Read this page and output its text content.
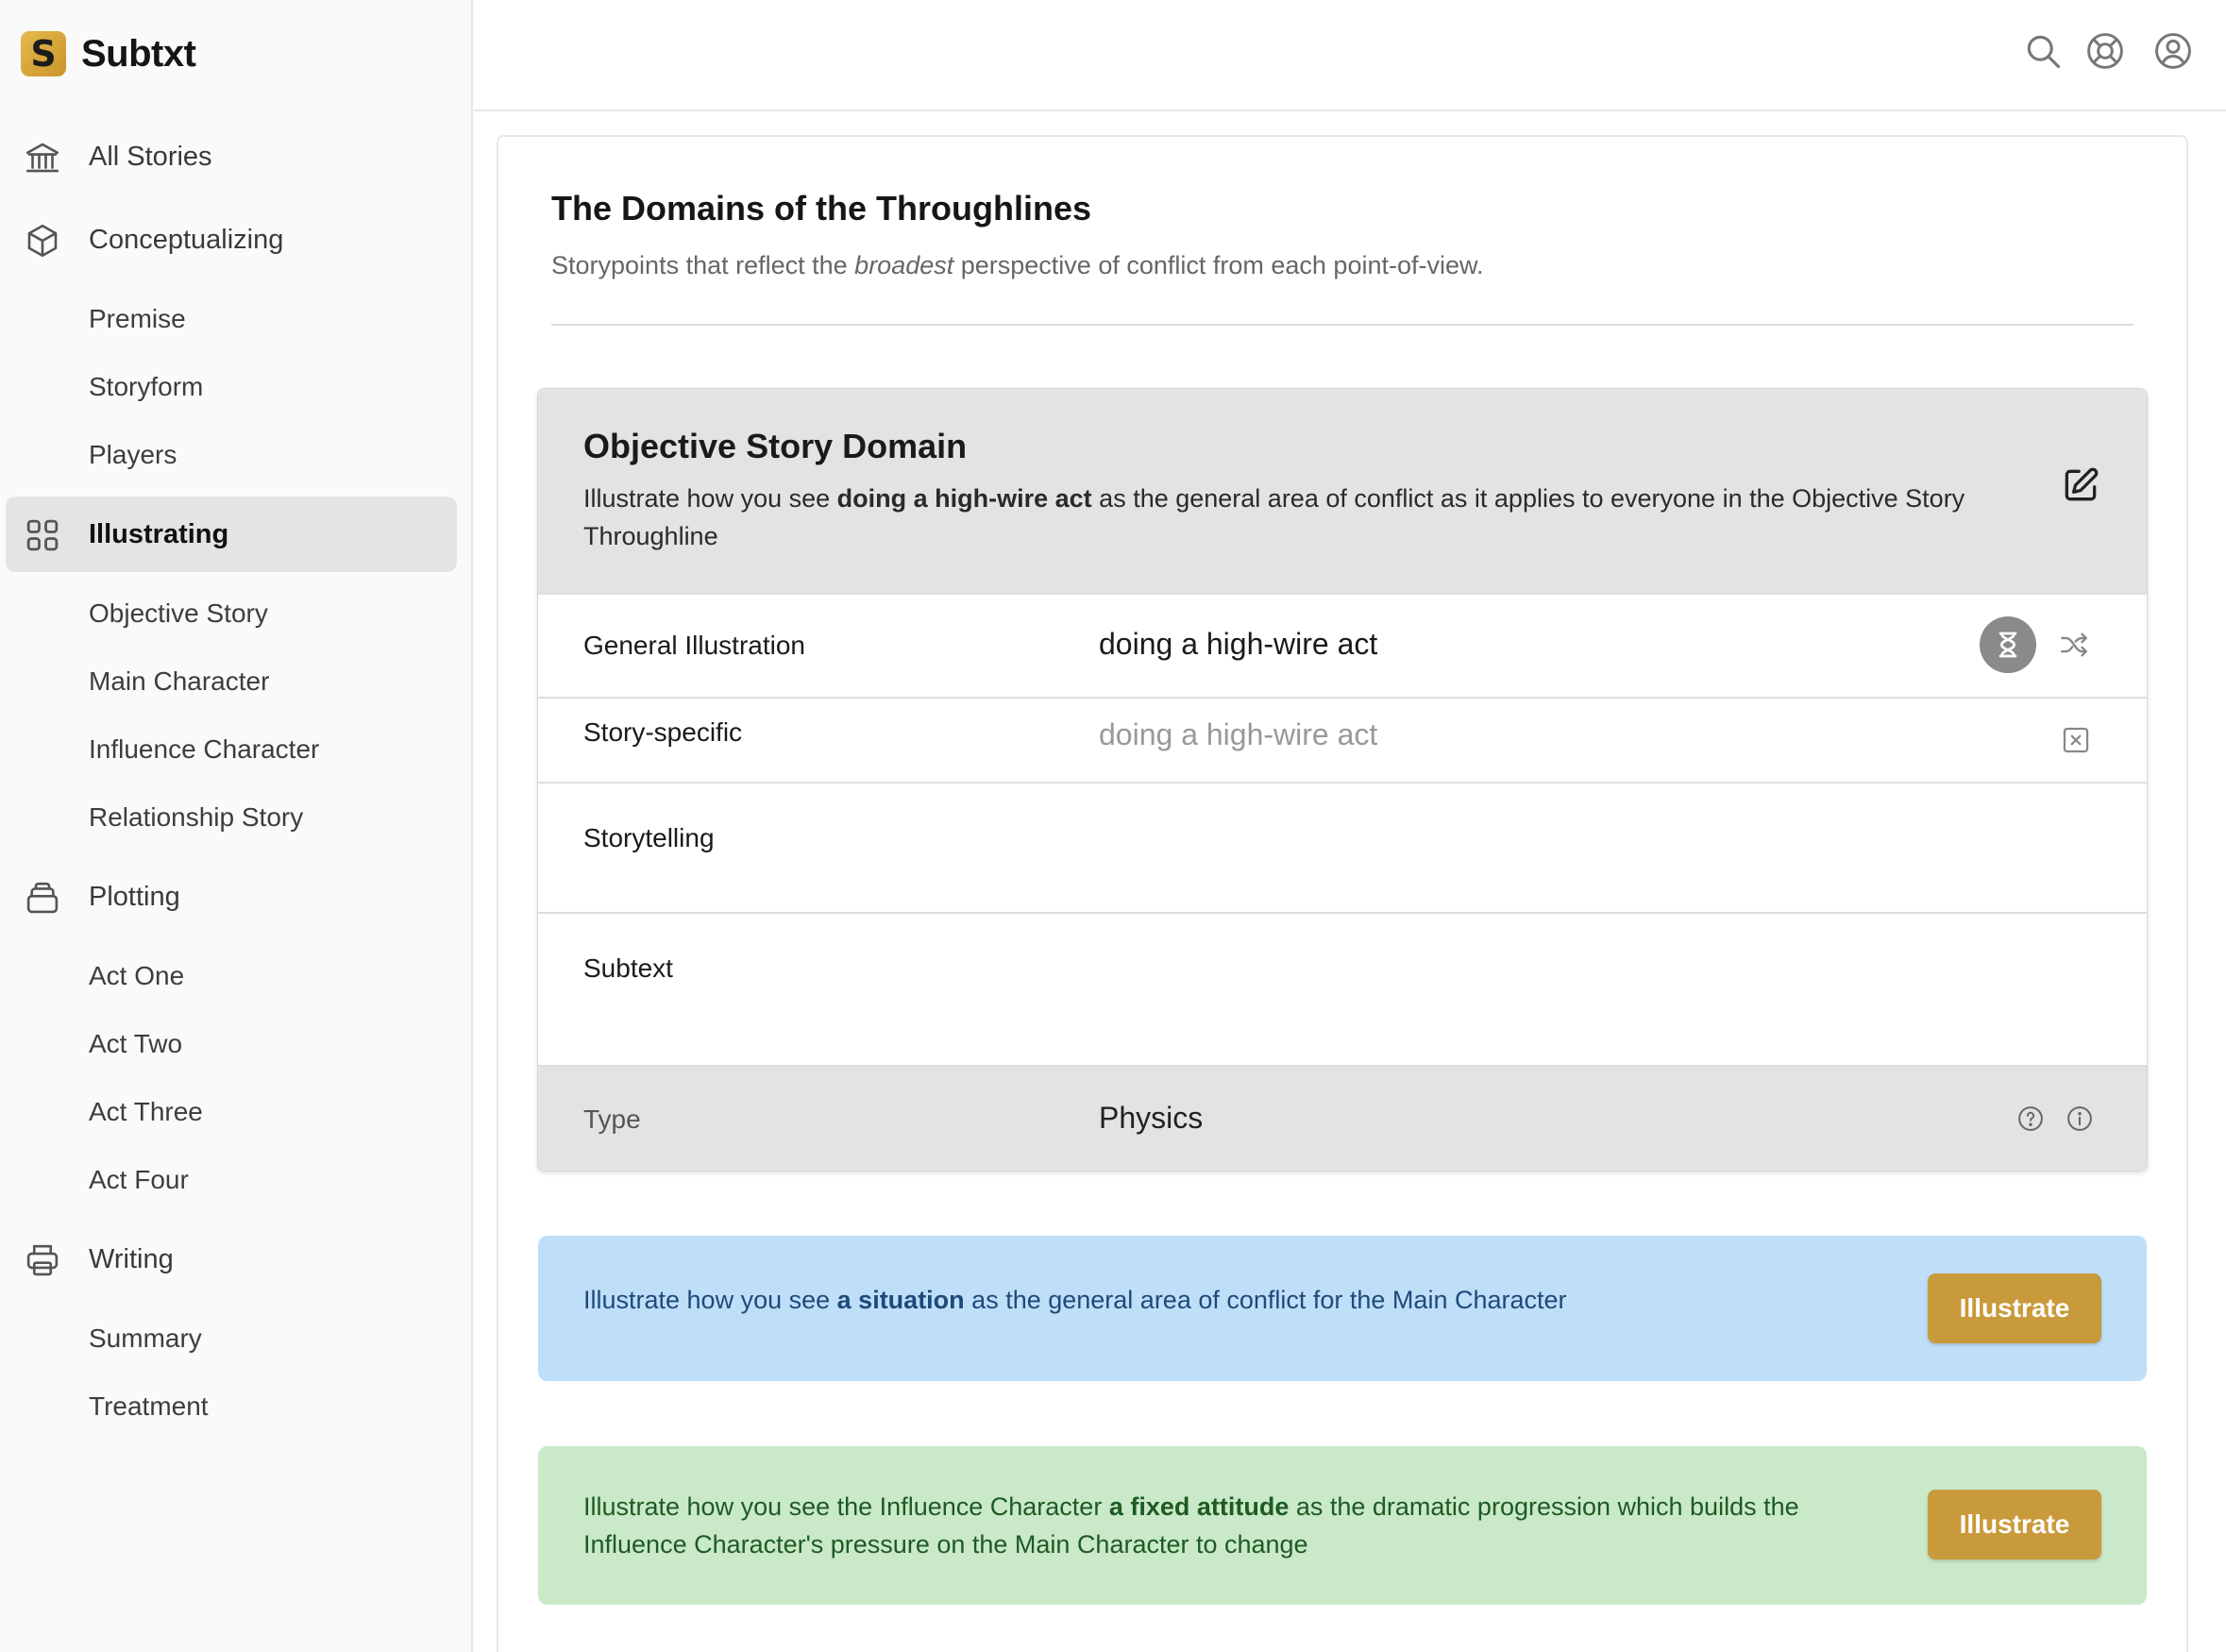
S Subtxt
All Stories
Conceptualizing
Premise
Storyform
Players
Illustrating
Objective Story
Main Character
Influence Character
Relationship Story
Plotting
Act One
Act Two
Act Three
Act Four
Writing
Summary
Treatment
The Domains of the Throughlines

Storypoints that reflect the broadest perspective of conflict from each point-of-view.

Objective Story Domain

Illustrate how you see doing a high-wire act as the general area of conflict as it applies to everyone in the Objective Story Throughline

General Illustration	doing a high-wire act
Story-specific	doing a high-wire act
Storytelling
Subtext
Type	Physics

Illustrate how you see a situation as the general area of conflict for the Main Character	Illustrate

Illustrate how you see the Influence Character a fixed attitude as the dramatic progression which builds the Influence Character's pressure on the Main Character to change

Illustrate
